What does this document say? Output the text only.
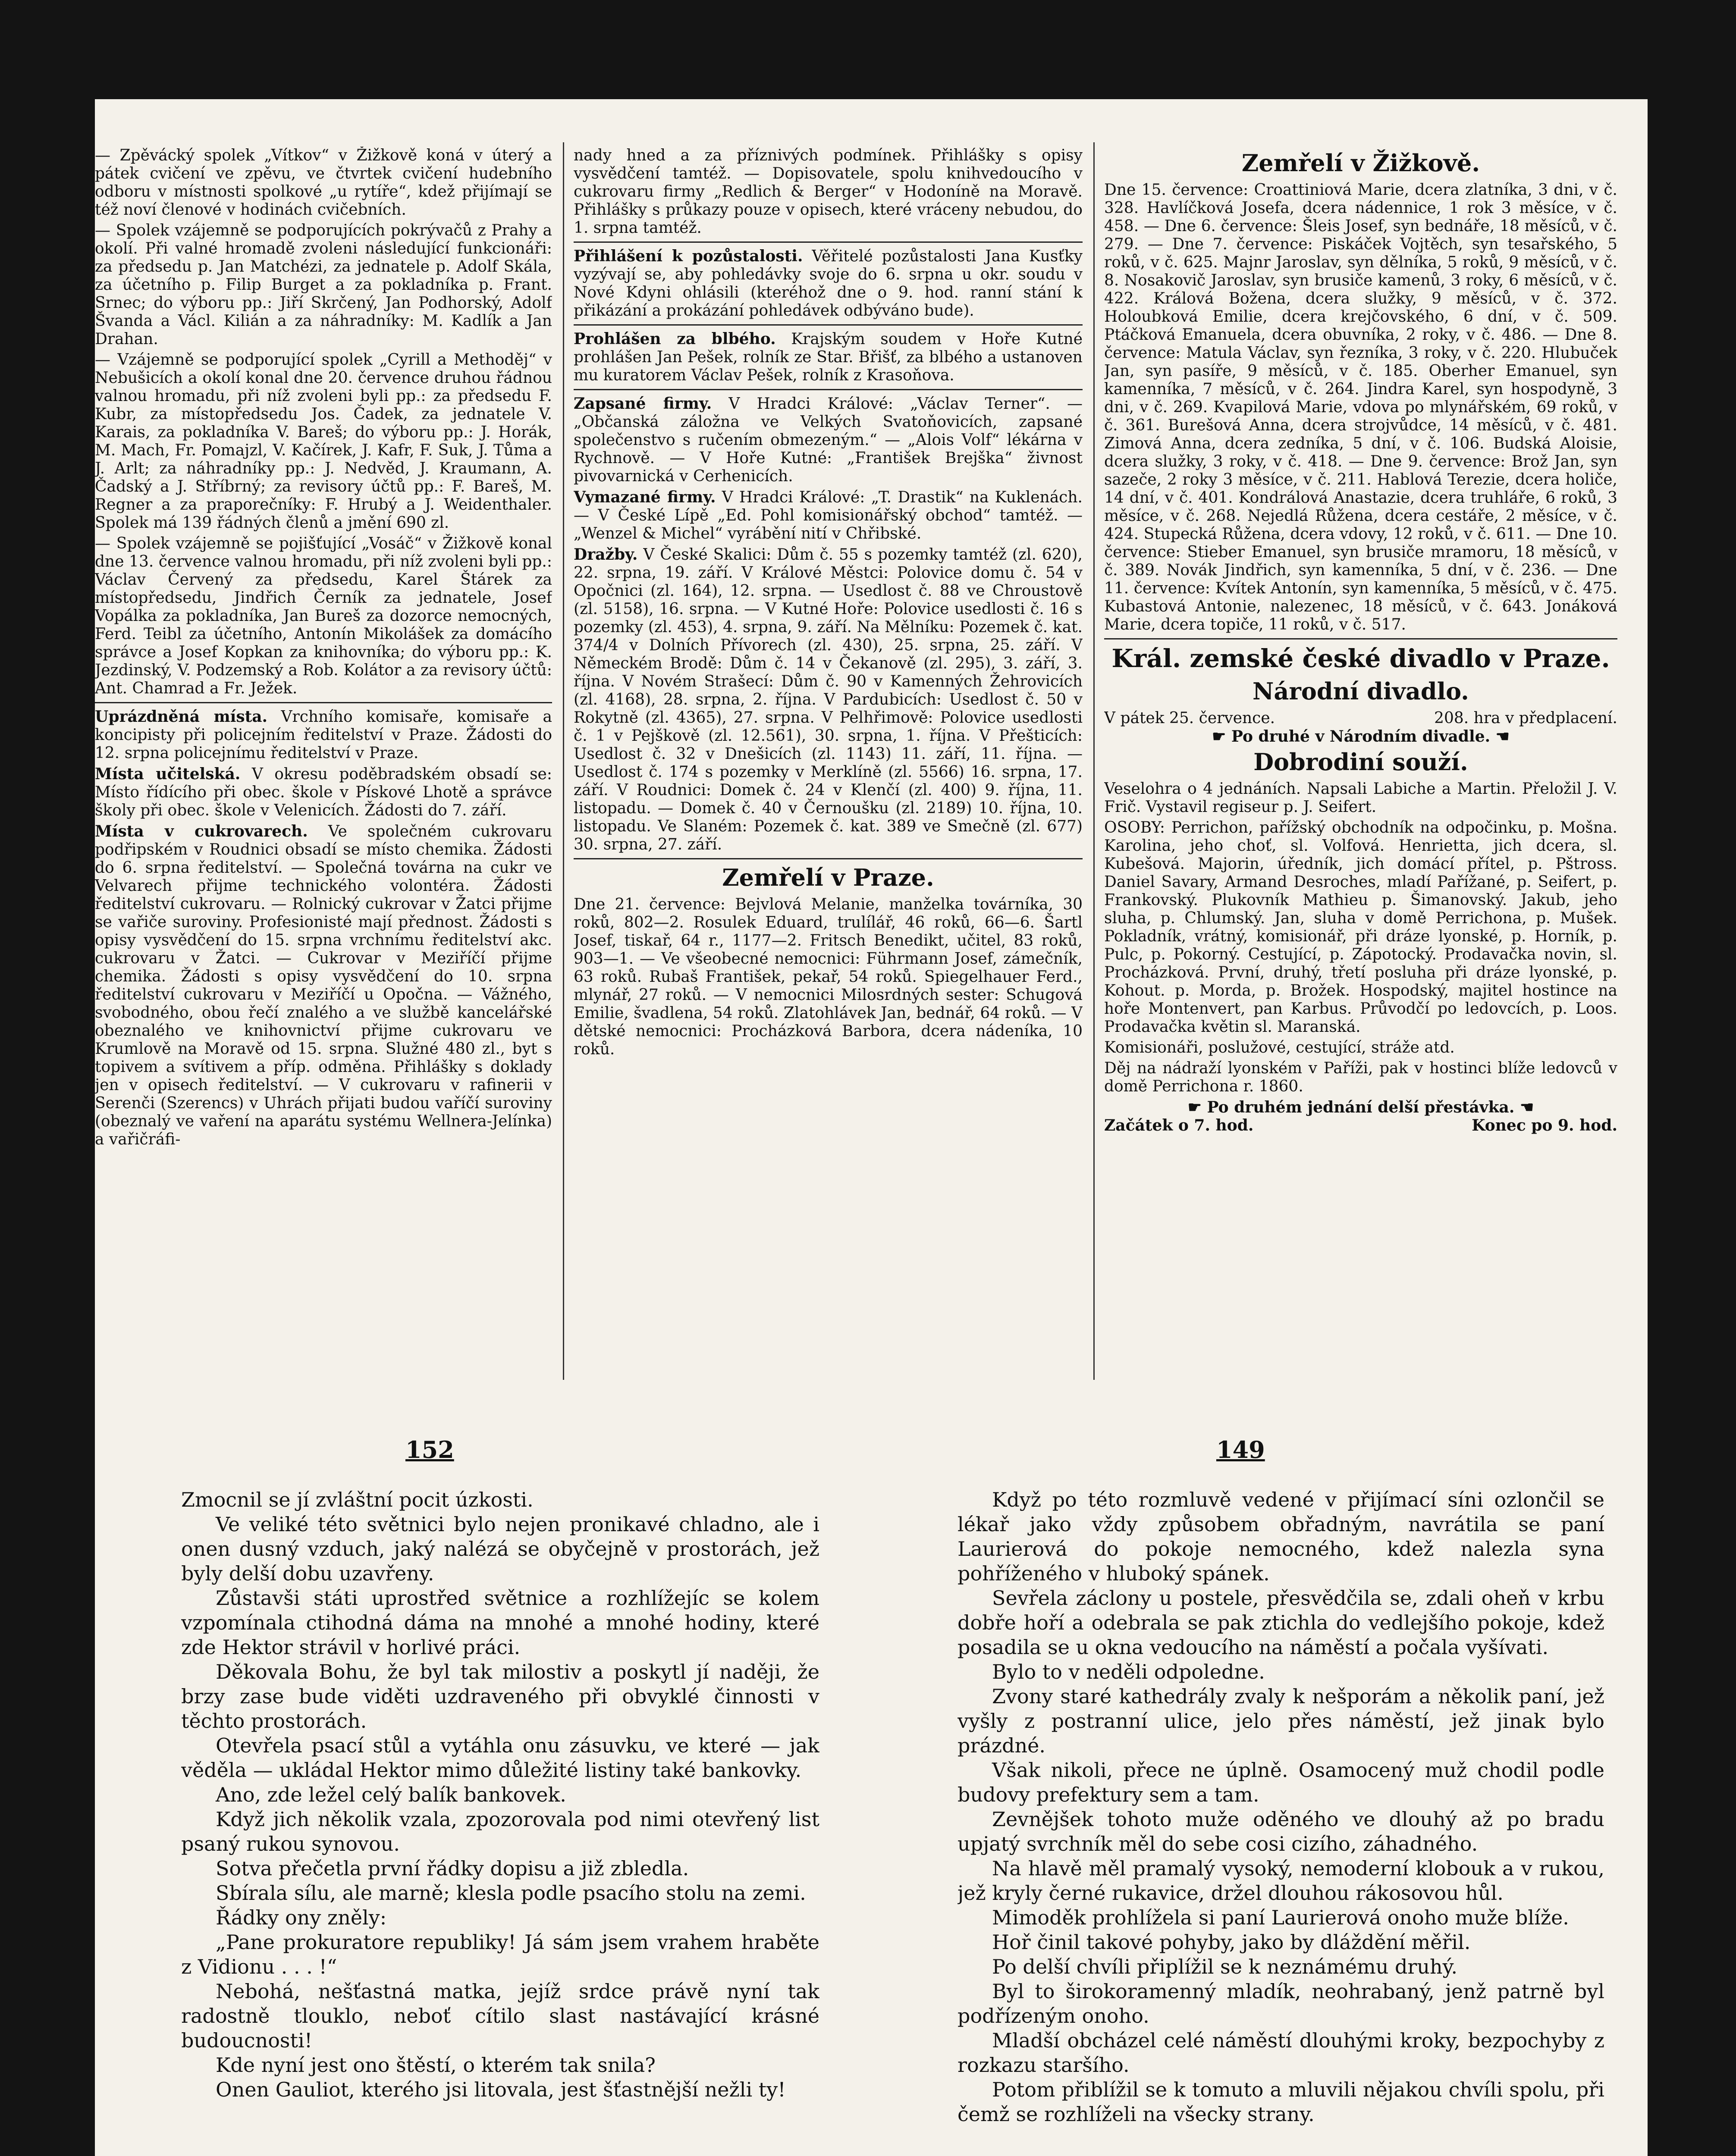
— Zpěvácký spolek „Vítkov“ v Žižkově koná v úterý a pátek cvičení ve zpěvu, ve čtvrtek cvičení hudebního odboru v místnosti spolkové „u rytíře“, kdež přijímají se též noví členové v hodinách cvičebních.

— Spolek vzájemně se podporujících pokrývačů z Prahy a okolí. Při valné hromadě zvoleni následující funkcionáři: za předsedu p. Jan Matchézi, za jednatele p. Adolf Skála, za účetního p. Filip Burget a za pokladníka p. Frant. Srnec; do výboru pp.: Jiří Skrčený, Jan Podhorský, Adolf Švanda a Václ. Kilián a za náhradníky: M. Kadlík a Jan Drahan.

— Vzájemně se podporující spolek „Cyrill a Methoděj“ v Nebušicích a okolí konal dne 20. července druhou řádnou valnou hromadu, při níž zvoleni byli pp.: za předsedu F. Kubr, za místopředsedu Jos. Čadek, za jednatele V. Karais, za pokladníka V. Bareš; do výboru pp.: J. Horák, M. Mach, Fr. Pomajzl, V. Kačírek, J. Kafr, F. Suk, J. Tůma a J. Arlt; za náhradníky pp.: J. Nedvěd, J. Kraumann, A. Čadský a J. Stříbrný; za revisory účtů pp.: F. Bareš, M. Regner a za praporečníky: F. Hrubý a J. Weidenthaler. Spolek má 139 řádných členů a jmění 690 zl.

— Spolek vzájemně se pojišťující „Vosáč“ v Žižkově konal dne 13. července valnou hromadu, při níž zvoleni byli pp.: Václav Červený za předsedu, Karel Štárek za místopředsedu, Jindřich Černík za jednatele, Josef Vopálka za pokladníka, Jan Bureš za dozorce nemocných, Ferd. Teibl za účetního, Antonín Mikolášek za domácího správce a Josef Kopkan za knihovníka; do výboru pp.: K. Jezdinský, V. Podzemský a Rob. Kolátor a za revisory účtů: Ant. Chamrad a Fr. Ježek.

Uprázdněná místa. Vrchního komisaře, komisaře a koncipisty při policejním ředitelství v Praze. Žádosti do 12. srpna policejnímu ředitelství v Praze.

Místa učitelská. V okresu poděbradském obsadí se: Místo řídícího při obec. škole v Pískové Lhotě a správce školy při obec. škole v Velenicích. Žádosti do 7. září.

Místa v cukrovarech. Ve společném cukrovaru podřipském v Roudnici obsadí se místo chemika. Žádosti do 6. srpna ředitelství. — Společná továrna na cukr ve Velvarech přijme technického volontéra. Žádosti ředitelství cukrovaru. — Rolnický cukrovar v Žatci přijme se vařiče suroviny. Profesionisté mají přednost. Žádosti s opisy vysvědčení do 15. srpna vrchnímu ředitelství akc. cukrovaru v Žatci. — Cukrovar v Meziříčí přijme chemika. Žádosti s opisy vysvědčení do 10. srpna ředitelství cukrovaru v Meziříčí u Opočna. — Vážného, svobodného, obou řečí znalého a ve službě kancelářské obeznalého ve knihovnictví přijme cukrovaru ve Krumlově na Moravě od 15. srpna. Služné 480 zl., byt s topivem a svítivem a příp. odměna. Přihlášky s doklady jen v opisech ředitelství. — V cukrovaru v rafinerii v Serenči (Szerencs) v Uhrách přijati budou vaříčí suroviny (obeznalý ve vaření na aparátu systému Wellnera-Jelínka) a vařičráfi-

nady hned a za příznivých podmínek. Přihlášky s opisy vysvědčení tamtéž. — Dopisovatele, spolu knihvedoucího v cukrovaru firmy „Redlich & Berger“ v Hodoníně na Moravě. Přihlášky s průkazy pouze v opisech, které vráceny nebudou, do 1. srpna tamtéž.

Přihlášení k pozůstalosti. Věřitelé pozůstalosti Jana Kusťky vyzývají se, aby pohledávky svoje do 6. srpna u okr. soudu v Nové Kdyni ohlásili (kteréhož dne o 9. hod. ranní stání k přikázání a prokázání pohledávek odbýváno bude).

Prohlášen za blbého. Krajským soudem v Hoře Kutné prohlášen Jan Pešek, rolník ze Star. Břišť, za blbého a ustanoven mu kuratorem Václav Pešek, rolník z Krasoňova.

Zapsané firmy. V Hradci Králové: „Václav Terner“. — „Občanská záložna ve Velkých Svatoňovicích, zapsané společenstvo s ručením obmezeným.“ — „Alois Volf“ lékárna v Rychnově. — V Hoře Kutné: „František Brejška“ živnost pivovarnická v Cerhenicích.

Vymazané firmy. V Hradci Králové: „T. Drastik“ na Kuklenách. — V České Lípě „Ed. Pohl komisionářský obchod“ tamtéž. — „Wenzel & Michel“ vyrábění nití v Chřibské.

Dražby. V České Skalici: Dům č. 55 s pozemky tamtéž (zl. 620), 22. srpna, 19. září. V Králové Městci: Polovice domu č. 54 v Opočnici (zl. 164), 12. srpna. — Usedlost č. 88 ve Chroustově (zl. 5158), 16. srpna. — V Kutné Hoře: Polovice usedlosti č. 16 s pozemky (zl. 453), 4. srpna, 9. září. Na Mělníku: Pozemek č. kat. 374/4 v Dolních Přívorech (zl. 430), 25. srpna, 25. září. V Německém Brodě: Dům č. 14 v Čekanově (zl. 295), 3. září, 3. října. V Novém Strašecí: Dům č. 90 v Kamenných Žehrovicích (zl. 4168), 28. srpna, 2. října. V Pardubicích: Usedlost č. 50 v Rokytně (zl. 4365), 27. srpna. V Pelhřimově: Polovice usedlosti č. 1 v Pejškově (zl. 12.561), 30. srpna, 1. října. V Přešticích: Usedlost č. 32 v Dnešicích (zl. 1143) 11. září, 11. října. — Usedlost č. 174 s pozemky v Merklíně (zl. 5566) 16. srpna, 17. září. V Roudnici: Domek č. 24 v Klenčí (zl. 400) 9. října, 11. listopadu. — Domek č. 40 v Černoušku (zl. 2189) 10. října, 10. listopadu. Ve Slaném: Pozemek č. kat. 389 ve Smečně (zl. 677) 30. srpna, 27. září.

Zemřelí v Praze.

Dne 21. července: Bejvlová Melanie, manželka továrníka, 30 roků, 802—2. Rosulek Eduard, trulílář, 46 roků, 66—6. Šartl Josef, tiskař, 64 r., 1177—2. Fritsch Benedikt, učitel, 83 roků, 903—1. — Ve všeobecné nemocnici: Führmann Josef, zámečník, 63 roků. Rubaš František, pekař, 54 roků. Spiegelhauer Ferd., mlynář, 27 roků. — V nemocnici Milosrdných sester: Schugová Emilie, švadlena, 54 roků. Zlatohlávek Jan, bednář, 64 roků. — V dětské nemocnici: Procházková Barbora, dcera nádeníka, 10 roků.

Zemřelí v Žižkově.

Dne 15. července: Croattiniová Marie, dcera zlatníka, 3 dni, v č. 328. Havlíčková Josefa, dcera nádennice, 1 rok 3 měsíce, v č. 458. — Dne 6. července: Šleis Josef, syn bednáře, 18 měsíců, v č. 279. — Dne 7. července: Piskáček Vojtěch, syn tesařského, 5 roků, v č. 625. Majnr Jaroslav, syn dělníka, 5 roků, 9 měsíců, v č. 8. Nosakovič Jaroslav, syn brusiče kamenů, 3 roky, 6 měsíců, v č. 422. Králová Božena, dcera služky, 9 měsíců, v č. 372. Holoubková Emilie, dcera krejčovského, 6 dní, v č. 509. Ptáčková Emanuela, dcera obuvníka, 2 roky, v č. 486. — Dne 8. července: Matula Václav, syn řezníka, 3 roky, v č. 220. Hlubuček Jan, syn pasíře, 9 měsíců, v č. 185. Oberher Emanuel, syn kamenníka, 7 měsíců, v č. 264. Jindra Karel, syn hospodyně, 3 dni, v č. 269. Kvapilová Marie, vdova po mlynářském, 69 roků, v č. 361. Burešová Anna, dcera strojvůdce, 14 měsíců, v č. 481. Zimová Anna, dcera zedníka, 5 dní, v č. 106. Budská Aloisie, dcera služky, 3 roky, v č. 418. — Dne 9. července: Brož Jan, syn sazeče, 2 roky 3 měsíce, v č. 211. Hablová Terezie, dcera holiče, 14 dní, v č. 401. Kondrálová Anastazie, dcera truhláře, 6 roků, 3 měsíce, v č. 268. Nejedlá Růžena, dcera cestáře, 2 měsíce, v č. 424. Stupecká Růžena, dcera vdovy, 12 roků, v č. 611. — Dne 10. července: Stieber Emanuel, syn brusiče mramoru, 18 měsíců, v č. 389. Novák Jindřich, syn kamenníka, 5 dní, v č. 236. — Dne 11. července: Kvítek Antonín, syn kamenníka, 5 měsíců, v č. 475. Kubastová Antonie, nalezenec, 18 měsíců, v č. 643. Jonáková Marie, dcera topiče, 11 roků, v č. 517.

Král. zemské české divadlo v Praze.
Národní divadlo.
V pátek 25. července.	208. hra v předplacení.
☛ Po druhé v Národním divadle. ☚
Dobrodiní souží.

Veselohra o 4 jednáních. Napsali Labiche a Martin. Přeložil J. V. Frič. Vystavil regiseur p. J. Seifert.

OSOBY: Perrichon, pařížský obchodník na odpočinku, p. Mošna. Karolina, jeho choť, sl. Volfová. Henrietta, jich dcera, sl. Kubešová. Majorin, úředník, jich domácí přítel, p. Pštross. Daniel Savary, Armand Desroches, mladí Pařížané, p. Seifert, p. Frankovský. Plukovník Mathieu p. Šimanovský. Jakub, jeho sluha, p. Chlumský. Jan, sluha v domě Perrichona, p. Mušek. Pokladník, vrátný, komisionář, při dráze lyonské, p. Horník, p. Pulc, p. Pokorný. Cestující, p. Zápotocký. Prodavačka novin, sl. Procházková. První, druhý, třetí posluha při dráze lyonské, p. Kohout. p. Morda, p. Brožek. Hospodský, majitel hostince na hoře Montenvert, pan Karbus. Průvodčí po ledovcích, p. Loos. Prodavačka květin sl. Maranská.

Komisionáři, poslužové, cestující, stráže atd.

Děj na nádraží lyonském v Paříži, pak v hostinci blíže ledovců v domě Perrichona r. 1860.

☛ Po druhém jednání delší přestávka. ☚
Začátek o 7. hod.	Konec po 9. hod.
152	149

Zmocnil se jí zvláštní pocit úzkosti.

Ve veliké této světnici bylo nejen pronikavé chladno, ale i onen dusný vzduch, jaký nalézá se obyčejně v prostorách, jež byly delší dobu uzavřeny.

Zůstavši státi uprostřed světnice a rozhlížejíc se kolem vzpomínala ctihodná dáma na mnohé a mnohé hodiny, které zde Hektor strávil v horlivé práci.

Děkovala Bohu, že byl tak milostiv a poskytl jí naději, že brzy zase bude viděti uzdraveného při obvyklé činnosti v těchto prostorách.

Otevřela psací stůl a vytáhla onu zásuvku, ve které — jak věděla — ukládal Hektor mimo důležité listiny také bankovky.

Ano, zde ležel celý balík bankovek.

Když jich několik vzala, zpozorovala pod nimi otevřený list psaný rukou synovou.

Sotva přečetla první řádky dopisu a již zbledla.

Sbírala sílu, ale marně; klesla podle psacího stolu na zemi.

Řádky ony zněly:

„Pane prokuratore republiky! Já sám jsem vrahem hraběte z Vidionu . . . !“

Nebohá, nešťastná matka, jejíž srdce právě nyní tak radostně tlouklo, neboť cítilo slast nastávající krásné budoucnosti!

Kde nyní jest ono štěstí, o kterém tak snila?

Onen Gauliot, kterého jsi litovala, jest šťastnější nežli ty!

Když po této rozmluvě vedené v přijímací síni ozlončil se lékař jako vždy způsobem obřadným, navrátila se paní Laurierová do pokoje nemocného, kdež nalezla syna pohříženého v hluboký spánek.

Sevřela záclony u postele, přesvědčila se, zdali oheň v krbu dobře hoří a odebrala se pak ztichla do vedlejšího pokoje, kdež posadila se u okna vedoucího na náměstí a počala vyšívati.

Bylo to v neděli odpoledne.

Zvony staré kathedrály zvaly k nešporám a několik paní, jež vyšly z postranní ulice, jelo přes náměstí, jež jinak bylo prázdné.

Však nikoli, přece ne úplně. Osamocený muž chodil podle budovy prefektury sem a tam.

Zevnějšek tohoto muže oděného ve dlouhý až po bradu upjatý svrchník měl do sebe cosi cizího, záhadného.

Na hlavě měl pramalý vysoký, nemoderní klobouk a v rukou, jež kryly černé rukavice, držel dlouhou rákosovou hůl.

Mimoděk prohlížela si paní Laurierová onoho muže blíže.

Hoř činil takové pohyby, jako by dláždění měřil.

Po delší chvíli připlížil se k neznámému druhý.

Byl to širokoramenný mladík, neohrabaný, jenž patrně byl podřízeným onoho.

Mladší obcházel celé náměstí dlouhými kroky, bezpochyby z rozkazu staršího.

Potom přiblížil se k tomuto a mluvili nějakou chvíli spolu, při čemž se rozhlíželi na všecky strany.
